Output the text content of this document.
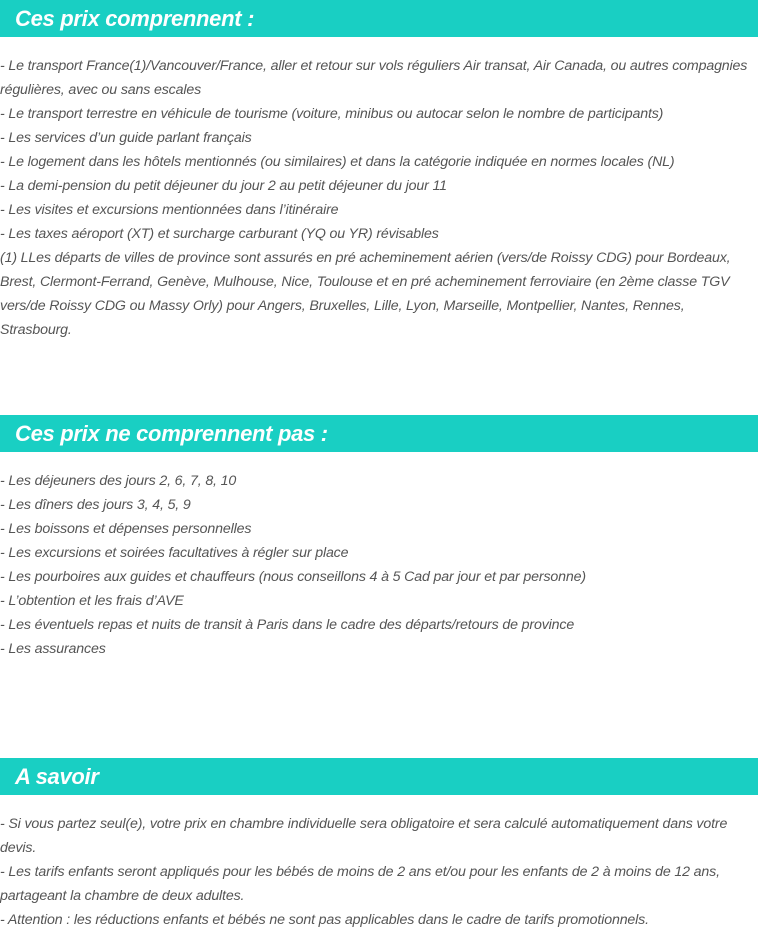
Ces prix comprennent :

- Le transport France(1)/Vancouver/France, aller et retour sur vols réguliers Air transat, Air Canada, ou autres compagnies régulières, avec ou sans escales

- Le transport terrestre en véhicule de tourisme (voiture, minibus ou autocar selon le nombre de participants)

- Les services d’un guide parlant français

- Le logement dans les hôtels mentionnés (ou similaires) et dans la catégorie indiquée en normes locales (NL)

- La demi-pension du petit déjeuner du jour 2 au petit déjeuner du jour 11

- Les visites et excursions mentionnées dans l’itinéraire

- Les taxes aéroport (XT) et surcharge carburant (YQ ou YR) révisables

(1) LLes départs de villes de province sont assurés en pré acheminement aérien (vers/de Roissy CDG) pour Bordeaux, Brest, Clermont-Ferrand, Genève, Mulhouse, Nice, Toulouse et en pré acheminement ferroviaire (en 2ème classe TGV vers/de Roissy CDG ou Massy Orly) pour Angers, Bruxelles, Lille, Lyon, Marseille, Montpellier, Nantes, Rennes, Strasbourg.

Ces prix ne comprennent pas :

- Les déjeuners des jours 2, 6, 7, 8, 10

- Les dîners des jours 3, 4, 5, 9

- Les boissons et dépenses personnelles

- Les excursions et soirées facultatives à régler sur place

- Les pourboires aux guides et chauffeurs (nous conseillons 4 à 5 Cad par jour et par personne)

- L’obtention et les frais d’AVE

- Les éventuels repas et nuits de transit à Paris dans le cadre des départs/retours de province

- Les assurances

A savoir

- Si vous partez seul(e), votre prix en chambre individuelle sera obligatoire et sera calculé automatiquement dans votre devis.

- Les tarifs enfants seront appliqués pour les bébés de moins de 2 ans et/ou pour les enfants de 2 à moins de 12 ans, partageant la chambre de deux adultes.

- Attention : les réductions enfants et bébés ne sont pas applicables dans le cadre de tarifs promotionnels.
